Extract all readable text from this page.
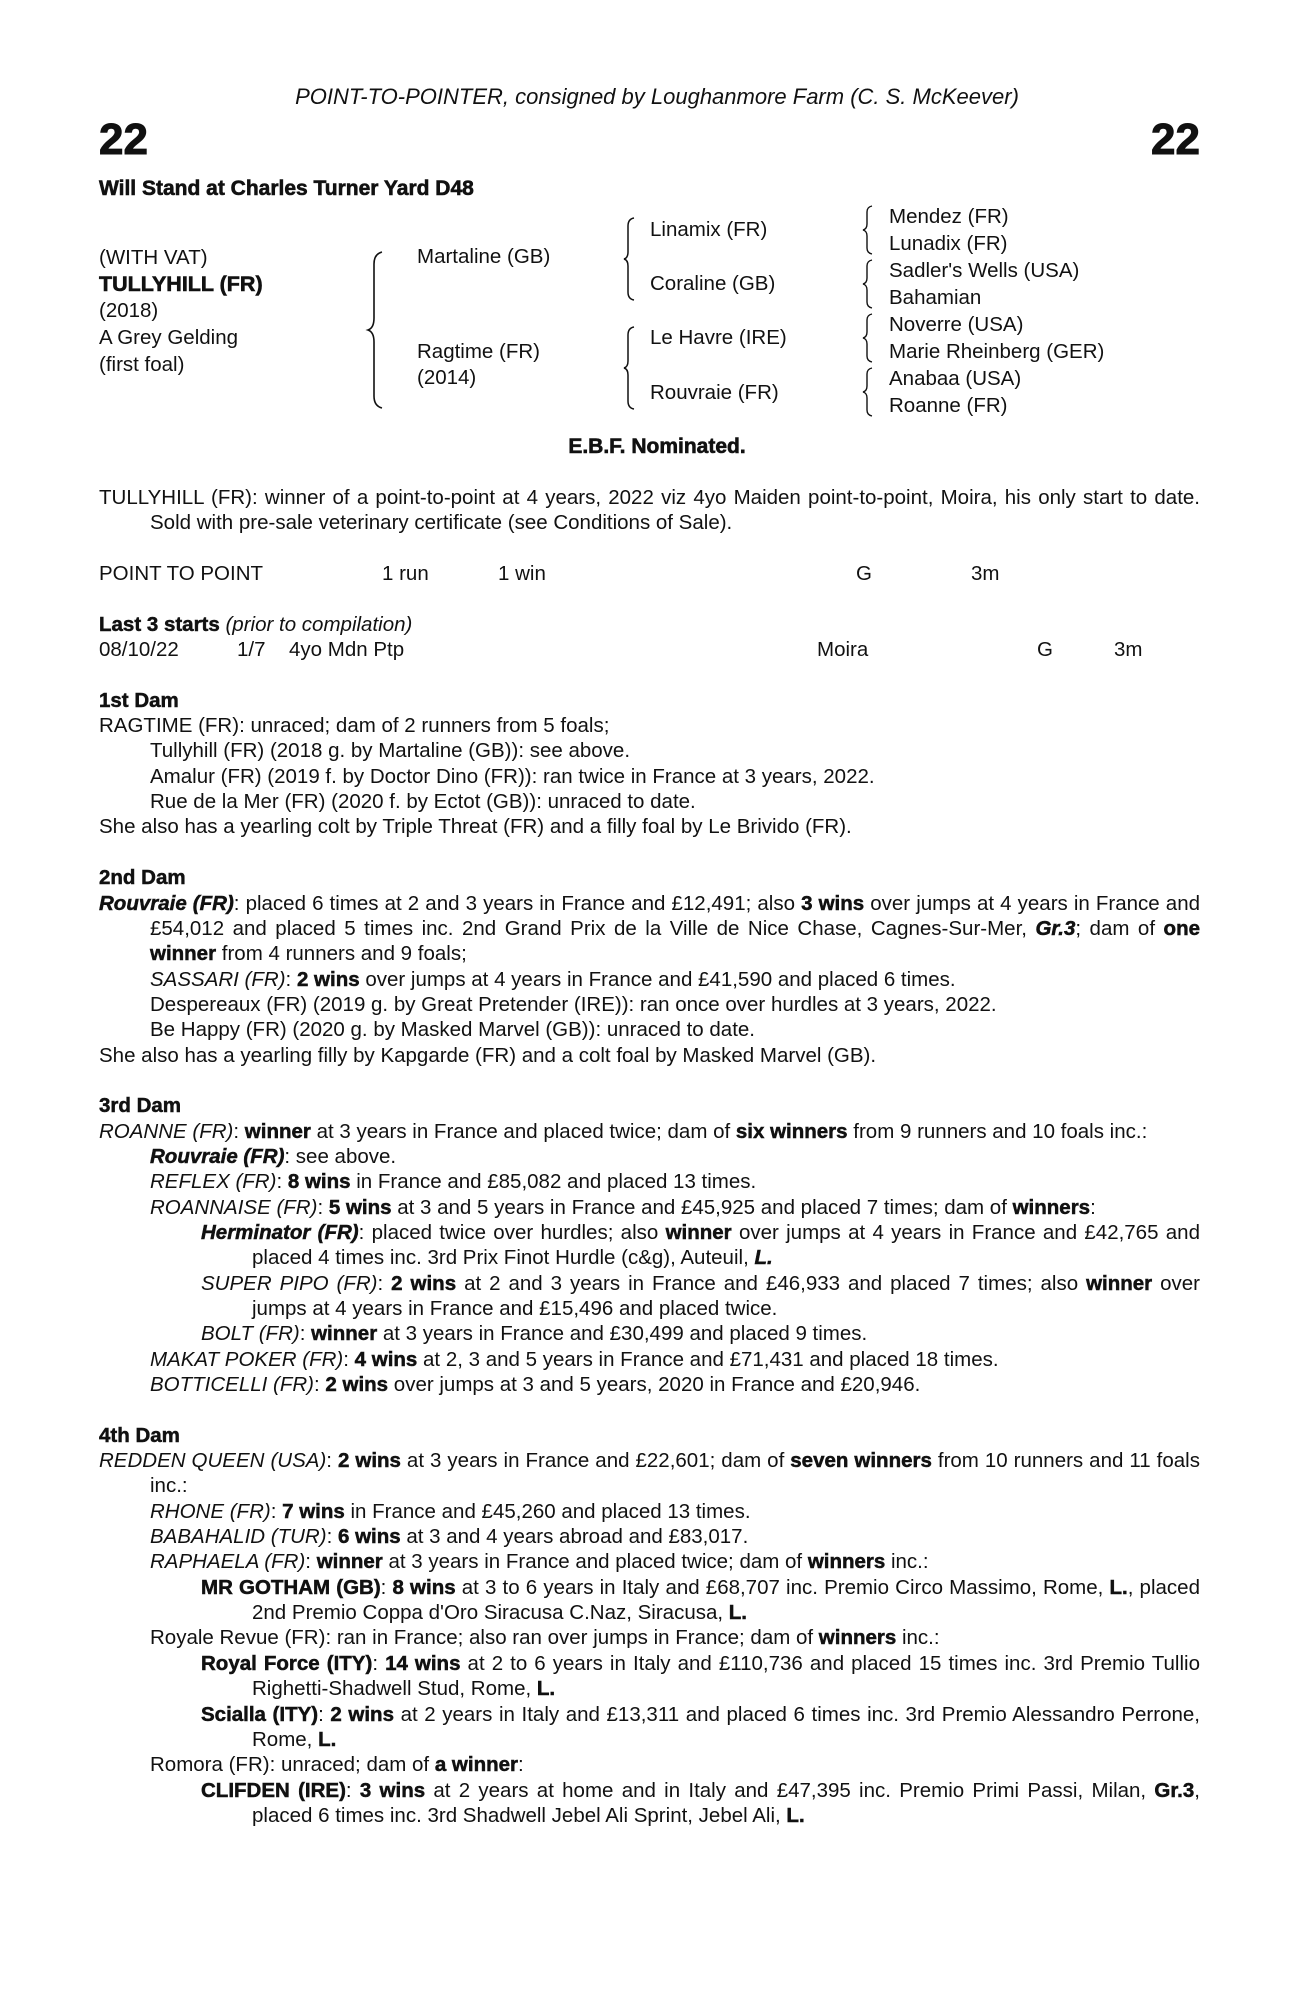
POINT-TO-POINTER, consigned by Loughanmore Farm (C. S. McKeever)
22	22
Will Stand at Charles Turner Yard D48
(WITH VAT)
TULLYHILL (FR)
(2018)
A Grey Gelding
(first foal)
Martaline (GB)
Ragtime (FR)
(2014)
Linamix (FR)
Coraline (GB)
Le Havre (IRE)
Rouvraie (FR)
Mendez (FR)
Lunadix (FR)
Sadler's Wells (USA)
Bahamian
Noverre (USA)
Marie Rheinberg (GER)
Anabaa (USA)
Roanne (FR)
E.B.F. Nominated.

TULLYHILL (FR): winner of a point-to-point at 4 years, 2022 viz 4yo Maiden point-to-point, Moira, his only start to date. Sold with pre-sale veterinary certificate (see Conditions of Sale).

POINT TO POINT	1 run	1 win	G	3m
Last 3 starts (prior to compilation)
08/10/22	1/7 4yo Mdn Ptp	Moira	G	3m
1st Dam

RAGTIME (FR): unraced; dam of 2 runners from 5 foals;

Tullyhill (FR) (2018 g. by Martaline (GB)): see above.

Amalur (FR) (2019 f. by Doctor Dino (FR)): ran twice in France at 3 years, 2022.

Rue de la Mer (FR) (2020 f. by Ectot (GB)): unraced to date.

She also has a yearling colt by Triple Threat (FR) and a filly foal by Le Brivido (FR).

2nd Dam

Rouvraie (FR): placed 6 times at 2 and 3 years in France and £12,491; also 3 wins over jumps at 4 years in France and £54,012 and placed 5 times inc. 2nd Grand Prix de la Ville de Nice Chase, Cagnes-Sur-Mer, Gr.3; dam of one winner from 4 runners and 9 foals;

SASSARI (FR): 2 wins over jumps at 4 years in France and £41,590 and placed 6 times.

Despereaux (FR) (2019 g. by Great Pretender (IRE)): ran once over hurdles at 3 years, 2022.

Be Happy (FR) (2020 g. by Masked Marvel (GB)): unraced to date.

She also has a yearling filly by Kapgarde (FR) and a colt foal by Masked Marvel (GB).

3rd Dam

ROANNE (FR): winner at 3 years in France and placed twice; dam of six winners from 9 runners and 10 foals inc.:

Rouvraie (FR): see above.

REFLEX (FR): 8 wins in France and £85,082 and placed 13 times.

ROANNAISE (FR): 5 wins at 3 and 5 years in France and £45,925 and placed 7 times; dam of winners:

Herminator (FR): placed twice over hurdles; also winner over jumps at 4 years in France and £42,765 and placed 4 times inc. 3rd Prix Finot Hurdle (c&g), Auteuil, L.

SUPER PIPO (FR): 2 wins at 2 and 3 years in France and £46,933 and placed 7 times; also winner over jumps at 4 years in France and £15,496 and placed twice.

BOLT (FR): winner at 3 years in France and £30,499 and placed 9 times.

MAKAT POKER (FR): 4 wins at 2, 3 and 5 years in France and £71,431 and placed 18 times.

BOTTICELLI (FR): 2 wins over jumps at 3 and 5 years, 2020 in France and £20,946.

4th Dam

REDDEN QUEEN (USA): 2 wins at 3 years in France and £22,601; dam of seven winners from 10 runners and 11 foals inc.:

RHONE (FR): 7 wins in France and £45,260 and placed 13 times.

BABAHALID (TUR): 6 wins at 3 and 4 years abroad and £83,017.

RAPHAELA (FR): winner at 3 years in France and placed twice; dam of winners inc.:

MR GOTHAM (GB): 8 wins at 3 to 6 years in Italy and £68,707 inc. Premio Circo Massimo, Rome, L., placed 2nd Premio Coppa d'Oro Siracusa C.Naz, Siracusa, L.

Royale Revue (FR): ran in France; also ran over jumps in France; dam of winners inc.:

Royal Force (ITY): 14 wins at 2 to 6 years in Italy and £110,736 and placed 15 times inc. 3rd Premio Tullio Righetti-Shadwell Stud, Rome, L.

Scialla (ITY): 2 wins at 2 years in Italy and £13,311 and placed 6 times inc. 3rd Premio Alessandro Perrone, Rome, L.

Romora (FR): unraced; dam of a winner:

CLIFDEN (IRE): 3 wins at 2 years at home and in Italy and £47,395 inc. Premio Primi Passi, Milan, Gr.3, placed 6 times inc. 3rd Shadwell Jebel Ali Sprint, Jebel Ali, L.
